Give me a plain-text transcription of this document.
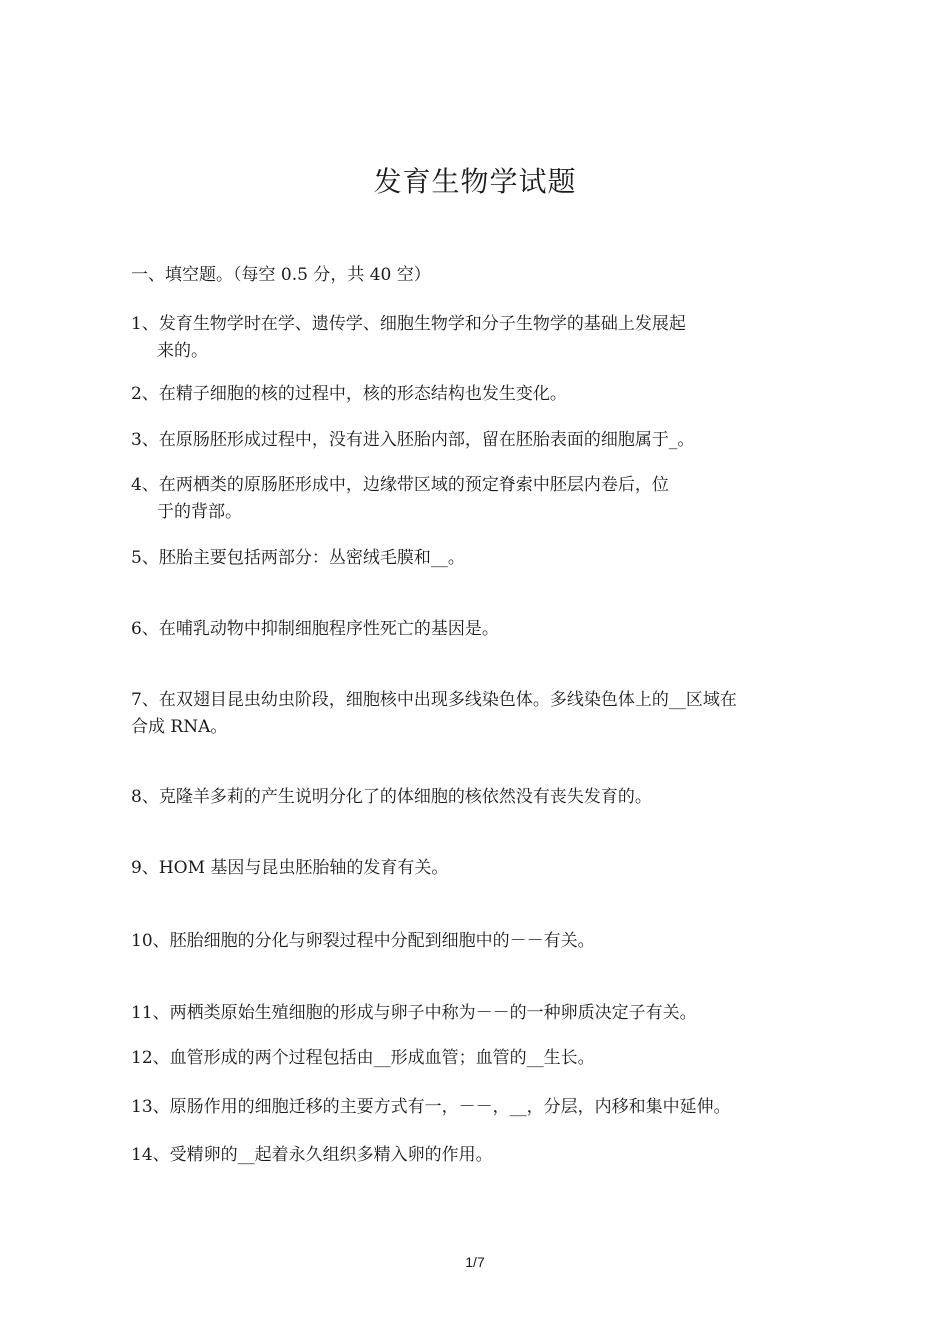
发育生物学试题
一、填空题。（每空 0.5 分，共 40 空）
1、发育生物学时在学、遗传学、细胞生物学和分子生物学的基础上发展起
来的。
2、在精子细胞的核的过程中，核的形态结构也发生变化。
3、在原肠胚形成过程中，没有进入胚胎内部，留在胚胎表面的细胞属于_。
4、在两栖类的原肠胚形成中，边缘带区域的预定脊索中胚层内卷后，位
于的背部。
5、胚胎主要包括两部分：丛密绒毛膜和__。
6、在哺乳动物中抑制细胞程序性死亡的基因是。
7、在双翅目昆虫幼虫阶段，细胞核中出现多线染色体。多线染色体上的__区域在
合成 RNA。
8、克隆羊多莉的产生说明分化了的体细胞的核依然没有丧失发育的。
9、HOM 基因与昆虫胚胎轴的发育有关。
10、胚胎细胞的分化与卵裂过程中分配到细胞中的－－有关。
11、两栖类原始生殖细胞的形成与卵子中称为－－的一种卵质决定子有关。
12、血管形成的两个过程包括由__形成血管；血管的__生长。
13、原肠作用的细胞迁移的主要方式有一，－－，__，分层，内移和集中延伸。
14、受精卵的__起着永久组织多精入卵的作用。
1/7
